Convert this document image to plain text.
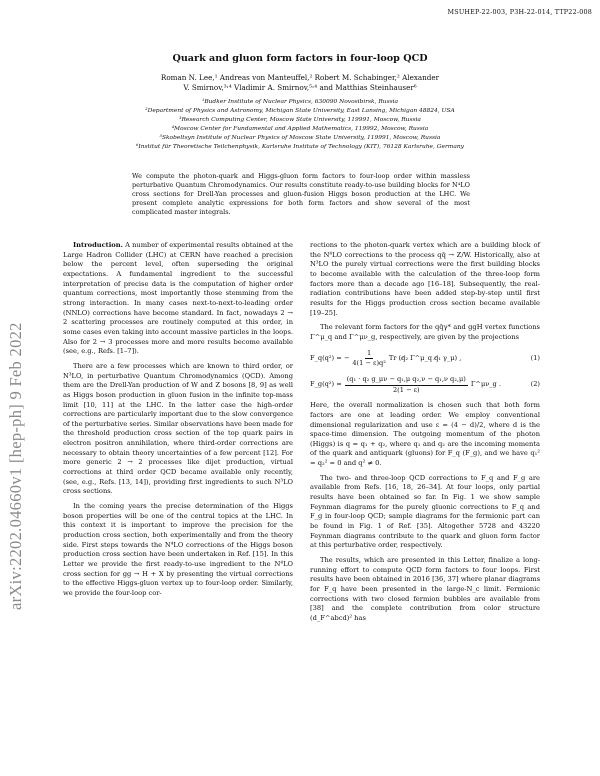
MSUHEP-22-003, P3H-22-014, TTP22-008
arXiv:2202.04660v1 [hep-ph] 9 Feb 2022
Quark and gluon form factors in four-loop QCD
Roman N. Lee,¹ Andreas von Manteuffel,² Robert M. Schabinger,² Alexander
V. Smirnov,³˒⁴ Vladimir A. Smirnov,⁵˒⁴ and Matthias Steinhauser⁶
¹Budker Institute of Nuclear Physics, 630090 Novosibirsk, Russia
²Department of Physics and Astronomy, Michigan State University, East Lansing, Michigan 48824, USA
³Research Computing Center, Moscow State University, 119991, Moscow, Russia
⁴Moscow Center for Fundamental and Applied Mathematics, 119992, Moscow, Russia
⁵Skobeltsyn Institute of Nuclear Physics of Moscow State University, 119991, Moscow, Russia
⁶Institut für Theoretische Teilchenphysik, Karlsruhe Institute of Technology (KIT), 76128 Karlsruhe, Germany
We compute the photon-quark and Higgs-gluon form factors to four-loop order within massless perturbative Quantum Chromodynamics. Our results constitute ready-to-use building blocks for N⁴LO cross sections for Drell-Yan processes and gluon-fusion Higgs boson production at the LHC. We present complete analytic expressions for both form factors and show several of the most complicated master integrals.

Introduction. A number of experimental results obtained at the Large Hadron Collider (LHC) at CERN have reached a precision below the percent level, often superseding the original expectations. A fundamental ingredient to the successful interpretation of precise data is the computation of higher order quantum corrections, most importantly those stemming from the strong interaction. In many cases next-to-next-to-leading order (NNLO) corrections have become standard. In fact, nowadays 2 → 2 scattering processes are routinely computed at this order, in some cases even taking into account massive particles in the loops. Also for 2 → 3 processes more and more results become available (see, e.g., Refs. [1–7]).

There are a few processes which are known to third order, or N³LO, in perturbative Quantum Chromodynamics (QCD). Among them are the Drell-Yan production of W and Z bosons [8, 9] as well as Higgs boson production in gluon fusion in the infinite top-mass limit [10, 11] at the LHC. In the latter case the high-order corrections are particularly important due to the slow convergence of the perturbative series. Similar observations have been made for the threshold production cross section of the top quark pairs in electron positron annihilation, where third-order corrections are necessary to obtain theory uncertainties of a few percent [12]. For more generic 2 → 2 processes like dijet production, virtual corrections at third order QCD became available only recently, (see, e.g., Refs. [13, 14]), providing first ingredients to such N³LO cross sections.

In the coming years the precise determination of the Higgs boson properties will be one of the central topics at the LHC. In this context it is important to improve the precision for the production cross section, both experimentally and from the theory side. First steps towards the N⁴LO corrections of the Higgs boson production cross section have been undertaken in Ref. [15]. In this Letter we provide the first ready-to-use ingredient to the N⁴LO cross section for gg → H + X by presenting the virtual corrections to the effective Higgs-gluon vertex up to four-loop order. Similarly, we provide the four-loop cor-

rections to the photon-quark vertex which are a building block of the N⁴LO corrections to the process qq̄ → Z/W. Historically, also at N³LO the purely virtual corrections were the first building blocks to become available with the calculation of the three-loop form factors more than a decade ago [16–18]. Subsequently, the real-radiation contributions have been added step-by-step until first results for the Higgs production cross section became available [19–25].

The relevant form factors for the qq̄γ* and ggH vertex functions Γ^μ_q and Γ^μν_g, respectively, are given by the projections

F_q(q²) = − $\frac{1}{\text{4(1 − ε)q²}}$ Tr (q̸₂ Γ^μ_q q̸₁ γ_μ) ,	(1)
F_g(q²) = $\frac{\text{(q₁ · q₂ g\_μν − q₁,μ q₂,ν − q₁,ν q₂,μ)}}{2(1 - \varepsilon)}$ Γ^μν_g .	(2)

Here, the overall normalization is chosen such that both form factors are one at leading order. We employ conventional dimensional regularization and use ε = (4 − d)/2, where d is the space-time dimension. The outgoing momentum of the photon (Higgs) is q = q₁ + q₂, where q₁ and q₂ are the incoming momenta of the quark and antiquark (gluons) for F_q (F_g), and we have q₁² = q₂² = 0 and q² ≠ 0.

The two- and three-loop QCD corrections to F_q and F_g are available from Refs. [16, 18, 26–34]. At four loops, only partial results have been obtained so far. In Fig. 1 we show sample Feynman diagrams for the purely gluonic corrections to F_q and F_g in four-loop QCD; sample diagrams for the fermionic part can be found in Fig. 1 of Ref. [35]. Altogether 5728 and 43220 Feynman diagrams contribute to the quark and gluon form factor at this perturbative order, respectively.

The results, which are presented in this Letter, finalize a long-running effort to compute QCD form factors to four loops. First results have been obtained in 2016 [36, 37] where planar diagrams for F_q have been presented in the large-N_c limit. Fermionic corrections with two closed fermion bubbles are available from [38] and the complete contribution from color structure (d_F^abcd)² has
